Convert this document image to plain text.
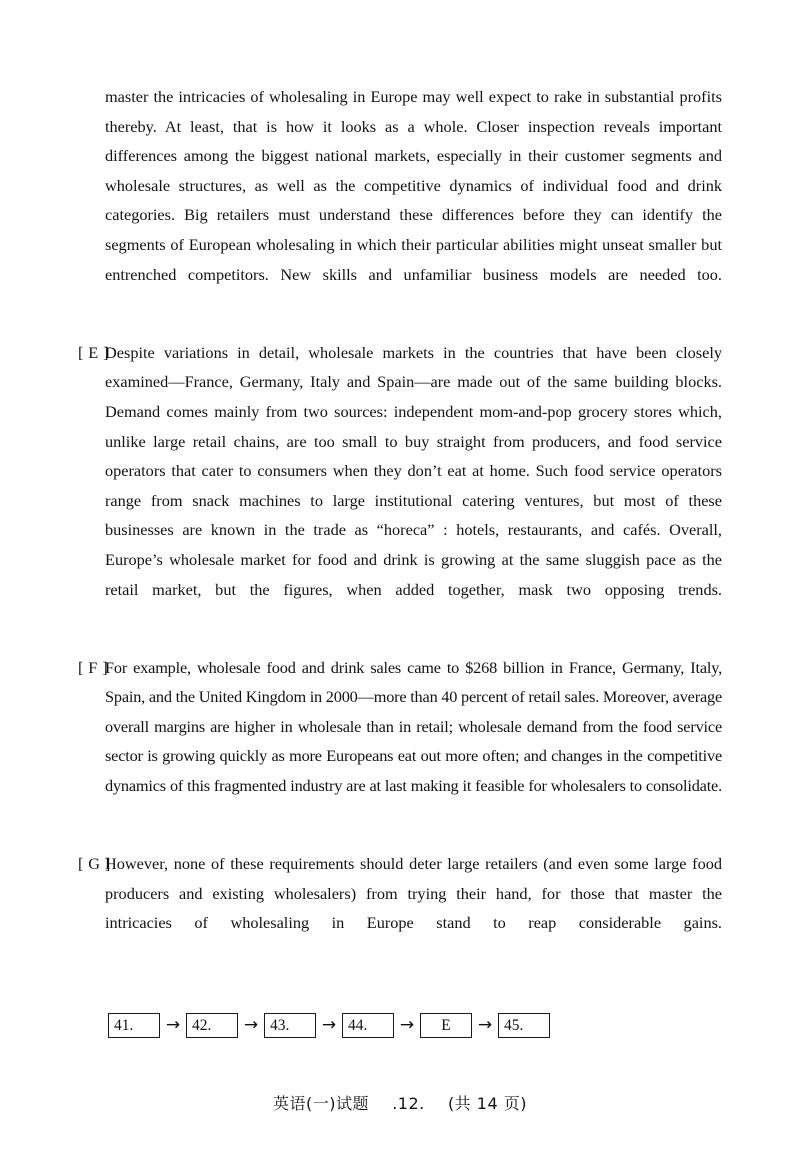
master the intricacies of wholesaling in Europe may well expect to rake in substantial profits thereby. At least, that is how it looks as a whole. Closer inspection reveals important differences among the biggest national markets, especially in their customer segments and wholesale structures, as well as the competitive dynamics of individual food and drink categories. Big retailers must understand these differences before they can identify the segments of European wholesaling in which their particular abilities might unseat smaller but entrenched competitors. New skills and unfamiliar business models are needed too.
[ E ]
Despite variations in detail, wholesale markets in the countries that have been closely examined—France, Germany, Italy and Spain—are made out of the same building blocks. Demand comes mainly from two sources: independent mom-and-pop grocery stores which, unlike large retail chains, are too small to buy straight from producers, and food service operators that cater to consumers when they don’t eat at home. Such food service operators range from snack machines to large institutional catering ventures, but most of these businesses are known in the trade as “horeca” : hotels, restaurants, and cafés. Overall, Europe’s wholesale market for food and drink is growing at the same sluggish pace as the retail market, but the figures, when added together, mask two opposing trends.
[ F ]
For example, wholesale food and drink sales came to $268 billion in France, Germany, Italy, Spain, and the United Kingdom in 2000—more than 40 percent of retail sales. Moreover, average overall margins are higher in wholesale than in retail; wholesale demand from the food service sector is growing quickly as more Europeans eat out more often; and changes in the competitive dynamics of this fragmented industry are at last making it feasible for wholesalers to consolidate.
[ G ]
However, none of these requirements should deter large retailers (and even some large food producers and existing wholesalers) from trying their hand, for those that master the intricacies of wholesaling in Europe stand to reap considerable gains.
41.	→ 42.	→ 43.	→ 44.	→	E	→ 45.
英语(一)试题 .12. (共 14 页)
